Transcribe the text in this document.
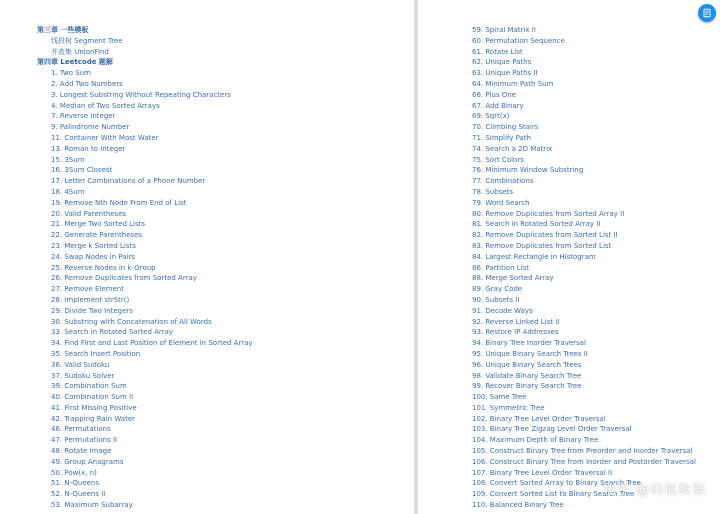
第三章 一些模板
线段树 Segment Tree
并查集 UnionFind
第四章 Leetcode 题解
1. Two Sum
2. Add Two Numbers
3. Longest Substring Without Repeating Characters
4. Median of Two Sorted Arrays
7. Reverse Integer
9. Palindrome Number
11. Container With Most Water
13. Roman to Integer
15. 3Sum
16. 3Sum Closest
17. Letter Combinations of a Phone Number
18. 4Sum
19. Remove Nth Node From End of List
20. Valid Parentheses
21. Merge Two Sorted Lists
22. Generate Parentheses
23. Merge k Sorted Lists
24. Swap Nodes in Pairs
25. Reverse Nodes in k-Group
26. Remove Duplicates from Sorted Array
27. Remove Element
28. Implement strStr()
29. Divide Two Integers
30. Substring with Concatenation of All Words
33. Search in Rotated Sorted Array
34. Find First and Last Position of Element in Sorted Array
35. Search Insert Position
36. Valid Sudoku
37. Sudoku Solver
39. Combination Sum
40. Combination Sum II
41. First Missing Positive
42. Trapping Rain Water
46. Permutations
47. Permutations II
48. Rotate Image
49. Group Anagrams
50. Pow(x, n)
51. N-Queens
52. N-Queens II
53. Maximum Subarray
59. Spiral Matrix II
60. Permutation Sequence
61. Rotate List
62. Unique Paths
63. Unique Paths II
64. Minimum Path Sum
66. Plus One
67. Add Binary
69. Sqrt(x)
70. Climbing Stairs
71. Simplify Path
74. Search a 2D Matrix
75. Sort Colors
76. Minimum Window Substring
77. Combinations
78. Subsets
79. Word Search
80. Remove Duplicates from Sorted Array II
81. Search in Rotated Sorted Array II
82. Remove Duplicates from Sorted List II
83. Remove Duplicates from Sorted List
84. Largest Rectangle in Histogram
86. Partition List
88. Merge Sorted Array
89. Gray Code
90. Subsets II
91. Decode Ways
92. Reverse Linked List II
93. Restore IP Addresses
94. Binary Tree Inorder Traversal
95. Unique Binary Search Trees II
96. Unique Binary Search Trees
98. Validate Binary Search Tree
99. Recover Binary Search Tree
100. Same Tree
101. Symmetric Tree
102. Binary Tree Level Order Traversal
103. Binary Tree Zigzag Level Order Traversal
104. Maximum Depth of Binary Tree
105. Construct Binary Tree from Preorder and Inorder Traversal
106. Construct Binary Tree from Inorder and Postorder Traversal
107. Binary Tree Level Order Traversal II
108. Convert Sorted Array to Binary Search Tree
109. Convert Sorted List to Binary Search Tree
110. Balanced Binary Tree
知乎 @码链数据
